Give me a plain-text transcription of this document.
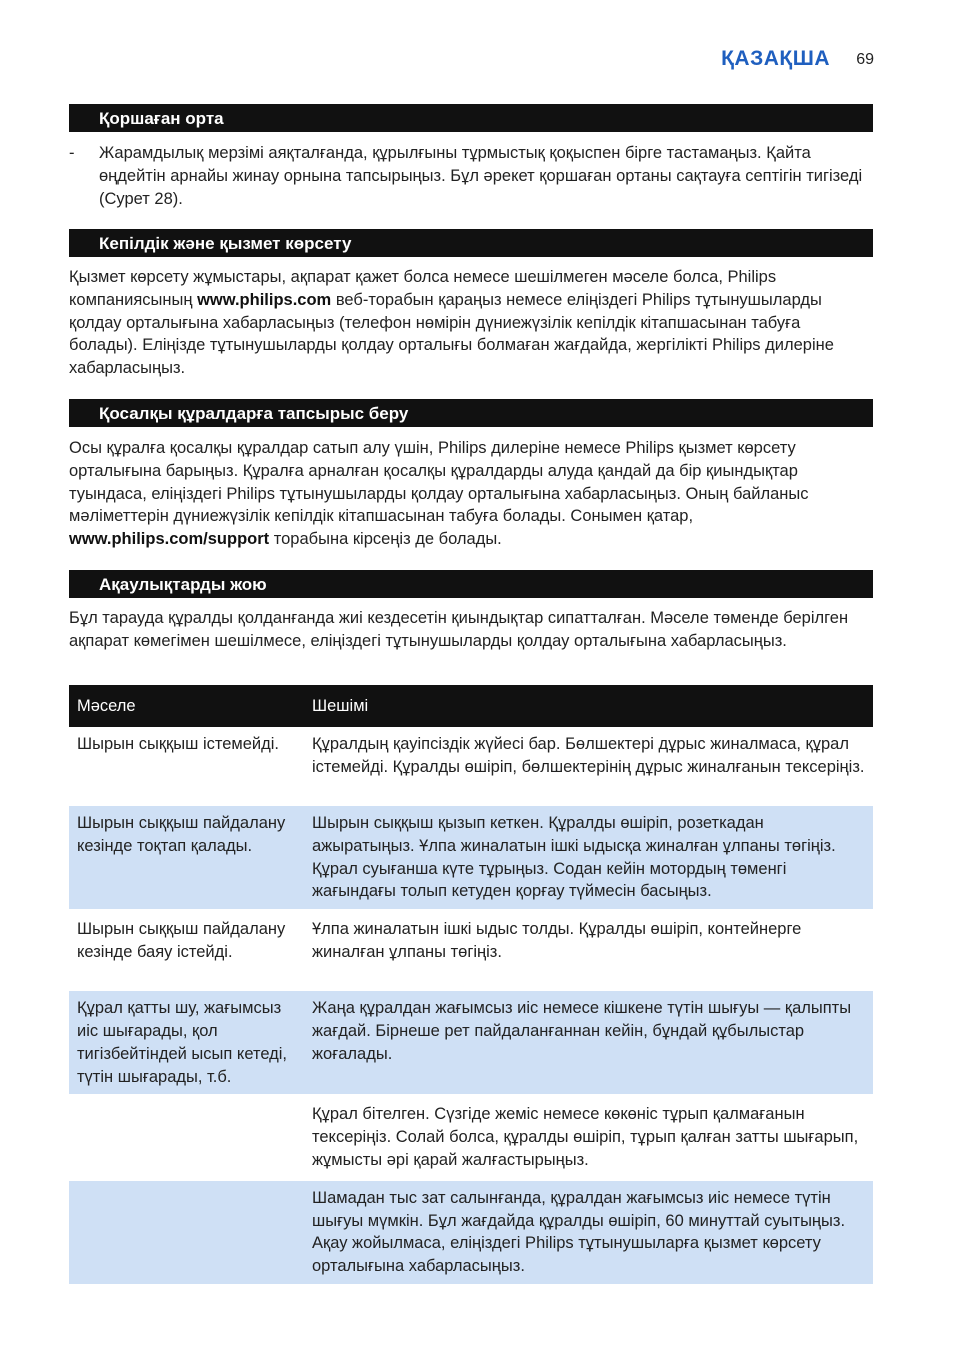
ҚАЗАҚША 69
Қоршаған орта
-	Жарамдылық мерзімі аяқталғанда, құрылғыны тұрмыстық қоқыспен бірге тастамаңыз. Қайта өңдейтін арнайы жинау орнына тапсырыңыз. Бұл әрекет қоршаған ортаны сақтауға септігін тигізеді (Сурет 28).
Кепілдік және қызмет көрсету
Қызмет көрсету жұмыстары, ақпарат қажет болса немесе шешілмеген мәселе болса, Philips компаниясының www.philips.com веб-торабын қараңыз немесе еліңіздегі Philips тұтынушыларды қолдау орталығына хабарласыңыз (телефон нөмірін дүниежүзілік кепілдік кітапшасынан табуға болады). Еліңізде тұтынушыларды қолдау орталығы болмаған жағдайда, жергілікті Philips дилеріне хабарласыңыз.
Қосалқы құралдарға тапсырыс беру
Осы құралға қосалқы құралдар сатып алу үшін, Philips дилеріне немесе Philips қызмет көрсету орталығына барыңыз. Құралға арналған қосалқы құралдарды алуда қандай да бір қиындықтар туындаса, еліңіздегі Philips тұтынушыларды қолдау орталығына хабарласыңыз. Оның байланыс мәліметтерін дүниежүзілік кепілдік кітапшасынан табуға болады. Сонымен қатар, www.philips.com/support торабына кірсеңіз де болады.
Ақаулықтарды жою
Бұл тарауда құралды қолданғанда жиі кездесетін қиындықтар сипатталған. Мәселе төменде берілген ақпарат көмегімен шешілмесе, еліңіздегі тұтынушыларды қолдау орталығына хабарласыңыз.
Мәселе	Шешімі
Шырын сыққыш істемейді.	Құралдың қауіпсіздік жүйесі бар. Бөлшектері дұрыс жиналмаса, құрал істемейді. Құралды өшіріп, бөлшектерінің дұрыс жиналғанын тексеріңіз.
Шырын сыққыш пайдалану кезінде тоқтап қалады.	Шырын сыққыш қызып кеткен. Құралды өшіріп, розеткадан ажыратыңыз. Ұлпа жиналатын ішкі ыдысқа жиналған ұлпаны төгіңіз. Құрал суығанша күте тұрыңыз. Содан кейін мотордың төменгі жағындағы толып кетуден қорғау түймесін басыңыз.
Шырын сыққыш пайдалану кезінде баяу істейді.	Ұлпа жиналатын ішкі ыдыс толды. Құралды өшіріп, контейнерге жиналған ұлпаны төгіңіз.
Құрал қатты шу, жағымсыз иіс шығарады, қол тигізбейтіндей ысып кетеді, түтін шығарады, т.б.	Жаңа құралдан жағымсыз иіс немесе кішкене түтін шығуы — қалыпты жағдай. Бірнеше рет пайдаланғаннан кейін, бұндай құбылыстар жоғалады.
	Құрал бітелген. Сүзгіде жеміс немесе көкөніс тұрып қалмағанын тексеріңіз. Солай болса, құралды өшіріп, тұрып қалған затты шығарып, жұмысты әрі қарай жалғастырыңыз.
	Шамадан тыс зат салынғанда, құралдан жағымсыз иіс немесе түтін шығуы мүмкін. Бұл жағдайда құралды өшіріп, 60 минуттай суытыңыз. Ақау жойылмаса, еліңіздегі Philips тұтынушыларға қызмет көрсету орталығына хабарласыңыз.
